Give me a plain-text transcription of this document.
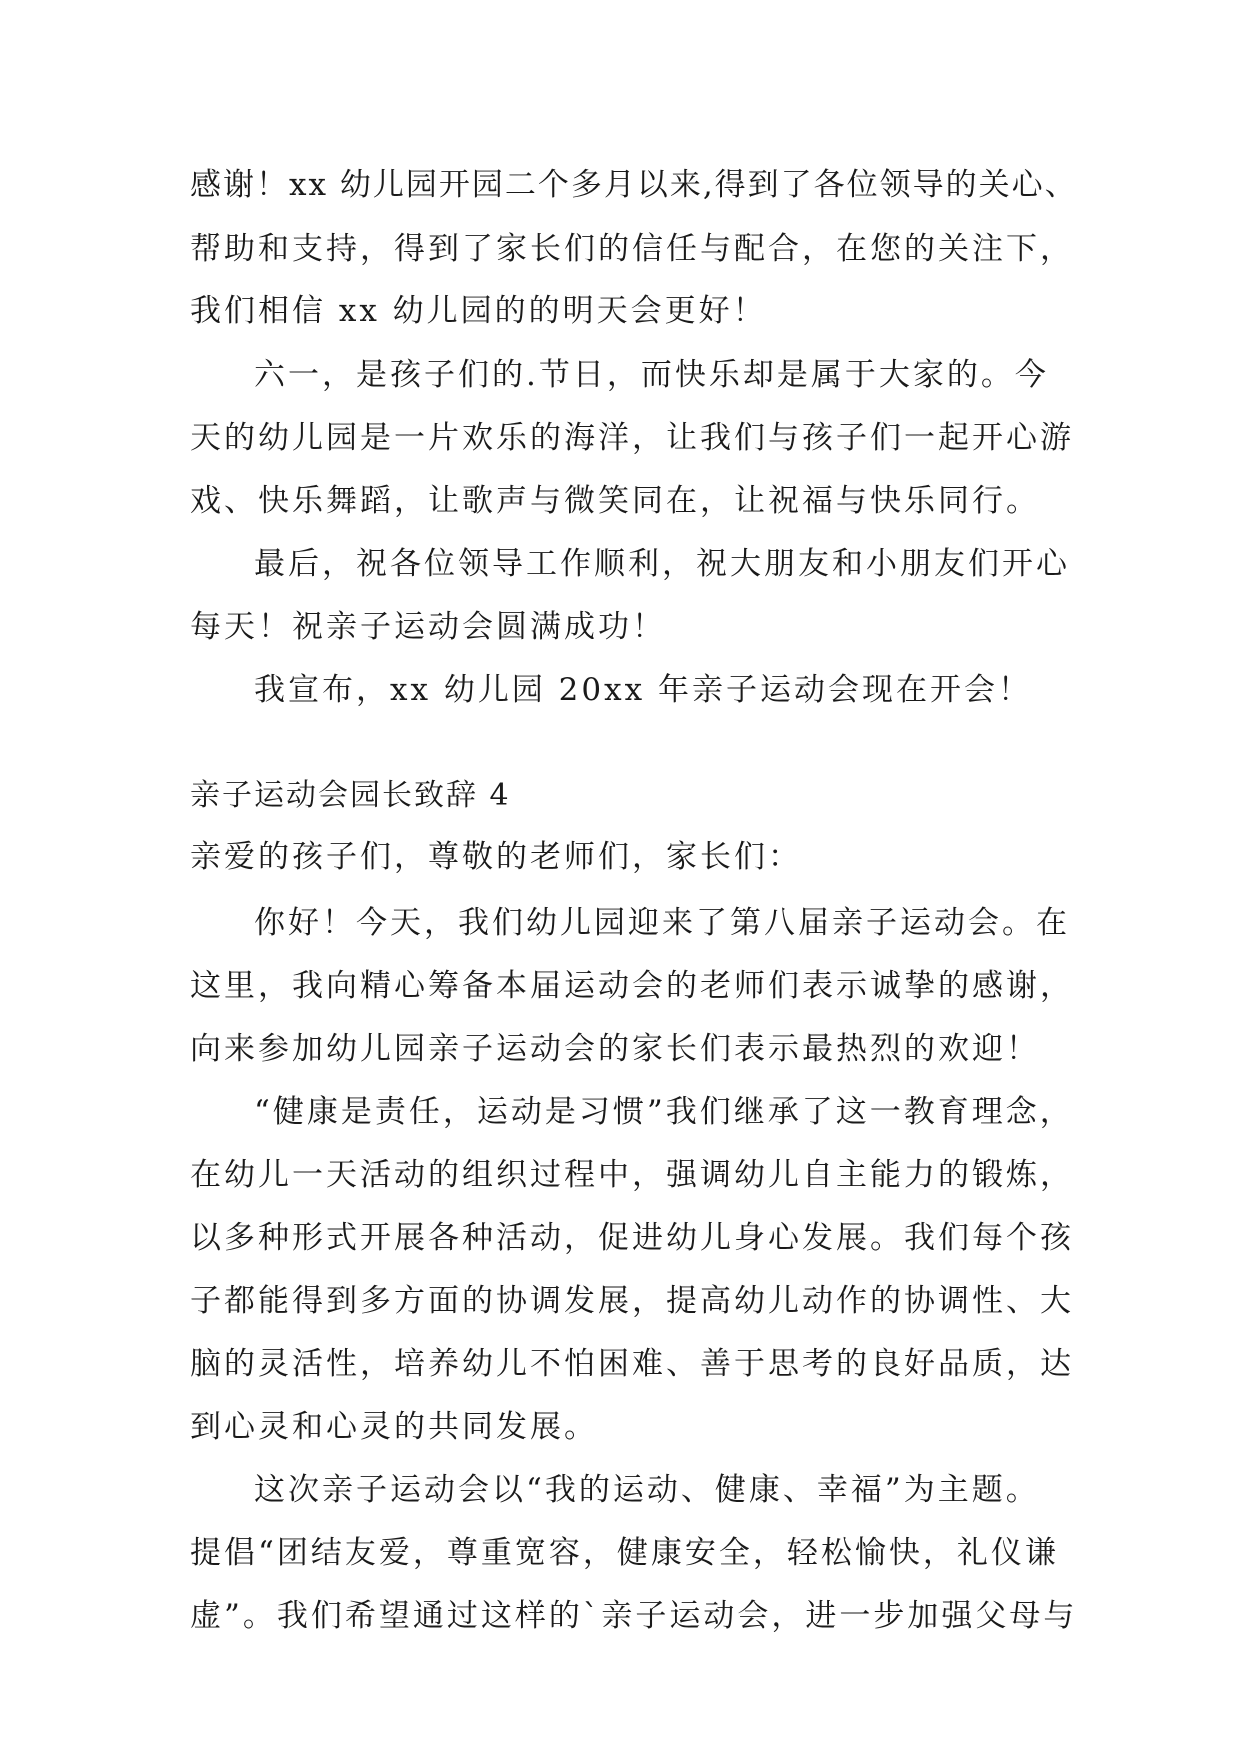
感谢！xx 幼儿园开园二个多月以来,得到了各位领导的关心、
帮助和支持，得到了家长们的信任与配合，在您的关注下，
我们相信 xx 幼儿园的的明天会更好！
六一，是孩子们的.节日，而快乐却是属于大家的。今
天的幼儿园是一片欢乐的海洋，让我们与孩子们一起开心游
戏、快乐舞蹈，让歌声与微笑同在，让祝福与快乐同行。
最后，祝各位领导工作顺利，祝大朋友和小朋友们开心
每天！祝亲子运动会圆满成功！
我宣布，xx 幼儿园 20xx 年亲子运动会现在开会！
亲子运动会园长致辞 4
亲爱的孩子们，尊敬的老师们，家长们：
你好！今天，我们幼儿园迎来了第八届亲子运动会。在
这里，我向精心筹备本届运动会的老师们表示诚挚的感谢，
向来参加幼儿园亲子运动会的家长们表示最热烈的欢迎！
“健康是责任，运动是习惯”我们继承了这一教育理念，
在幼儿一天活动的组织过程中，强调幼儿自主能力的锻炼，
以多种形式开展各种活动，促进幼儿身心发展。我们每个孩
子都能得到多方面的协调发展，提高幼儿动作的协调性、大
脑的灵活性，培养幼儿不怕困难、善于思考的良好品质，达
到心灵和心灵的共同发展。
这次亲子运动会以“我的运动、健康、幸福”为主题。
提倡“团结友爱，尊重宽容，健康安全，轻松愉快，礼仪谦
虚”。我们希望通过这样的`亲子运动会，进一步加强父母与
